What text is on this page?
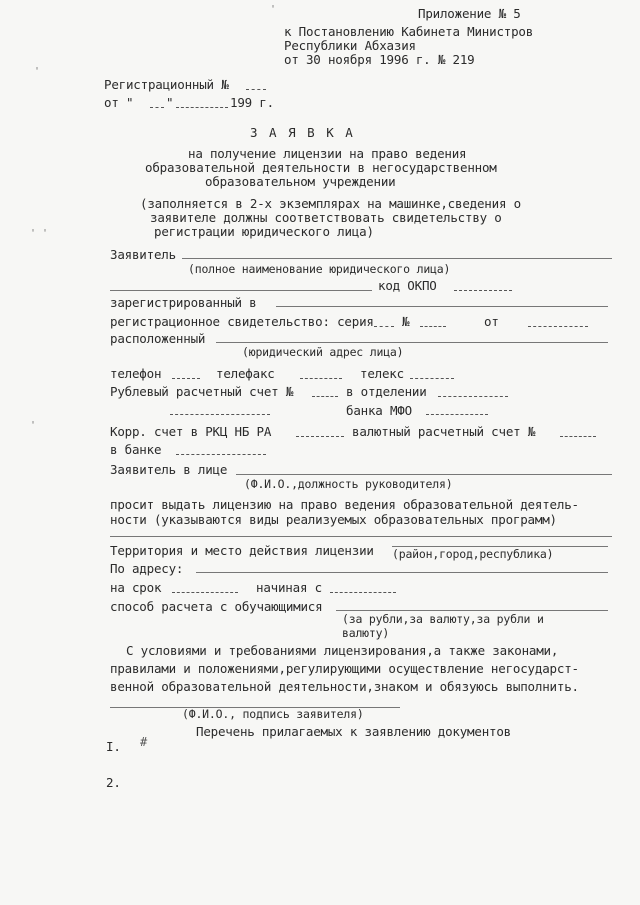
Приложение № 5
к Постановлению Кабинета Министров
Республики Абхазия
от 30 ноября 1996 г. № 219
Регистрационный №
от "	"	199 г.
З А Я В К А
на получение лицензии на право ведения
образовательной деятельности в негосударственном
образовательном учреждении
(заполняется в 2-х экземплярах на машинке,сведения о
заявителе должны соответствовать свидетельству о
регистрации юридического лица)
Заявитель
(полное наименование юридического лица)
код ОКПО
зарегистрированный в
регистрационное свидетельство: серия №	от
расположенный
(юридический адрес лица)
телефон	телефакс	телекс
Рублевый расчетный счет №	в отделении
банка МФО
Корр. счет в РКЦ НБ РА	валютный расчетный счет №
в банке
Заявитель в лице
(Ф.И.О.,должность руководителя)
просит выдать лицензию на право ведения образовательной деятель-
ности (указываются виды реализуемых образовательных программ)
Территория и место действия лицензии (район,город,республика)
По адресу:
на срок	начиная с
способ расчета с обучающимися
(за рубли,за валюту,за рубли и
валюту)
С условиями и требованиями лицензирования,а также законами,
правилами и положениями,регулирующими осуществление негосударст-
венной образовательной деятельности,знаком и обязуюсь выполнить.
(Ф.И.О., подпись заявителя)
Перечень прилагаемых к заявлению документов
I.
2.
'
'
' '
'
#
